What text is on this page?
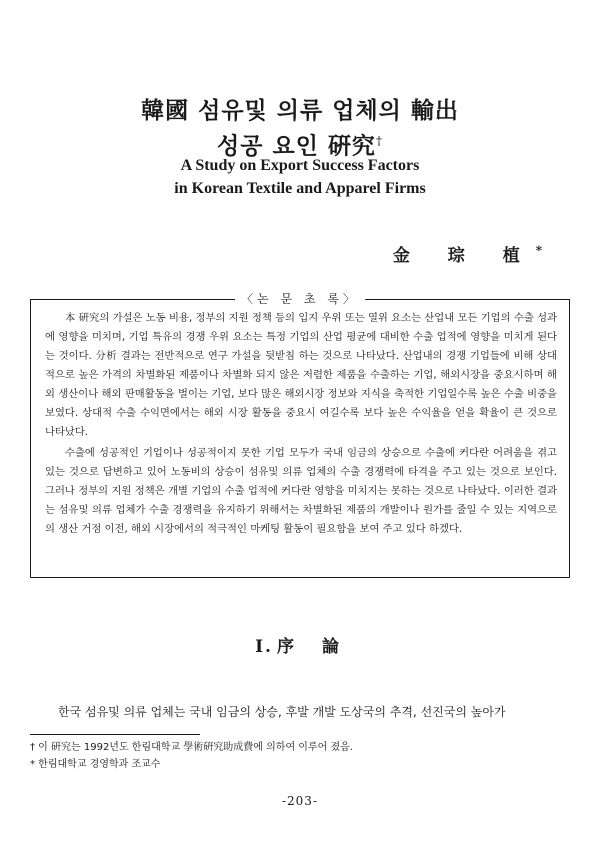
韓國 섬유및 의류 업체의 輸出
성공 요인 硏究†
A Study on Export Success Factors
in Korean Textile and Apparel Firms
金 琮 植*
〈논 문 초 록〉

本 硏究의 가설은 노동 비용, 정부의 지원 정책 등의 입지 우위 또는 열위 요소는 산업내 모든 기업의 수출 성과에 영향을 미치며, 기업 특유의 경쟁 우위 요소는 특정 기업의 산업 평균에 대비한 수출 업적에 영향을 미치게 된다는 것이다. 分析 결과는 전반적으로 연구 가설을 뒷받침 하는 것으로 나타났다. 산업내의 경쟁 기업들에 비해 상대적으로 높은 가격의 차별화된 제품이나 차별화 되지 않은 저렴한 제품을 수출하는 기업, 해외시장을 중요시하며 해외 생산이나 해외 판매활동을 벌이는 기업, 보다 많은 해외시장 정보와 지식을 축적한 기업일수록 높은 수출 비중을 보였다. 상대적 수출 수익면에서는 해외 시장 활동을 중요시 여길수록 보다 높은 수익율을 얻을 확율이 큰 것으로 나타났다.

수출에 성공적인 기업이나 성공적이지 못한 기업 모두가 국내 임금의 상승으로 수출에 커다란 어려움을 겪고 있는 것으로 답변하고 있어 노동비의 상승이 섬유및 의류 업체의 수출 경쟁력에 타격을 주고 있는 것으로 보인다. 그러나 정부의 지원 정책은 개별 기업의 수출 업적에 커다란 영향을 미치지는 못하는 것으로 나타났다. 이러한 결과는 섬유및 의류 업체가 수출 경쟁력을 유지하기 위해서는 차별화된 제품의 개발이나 원가를 줄일 수 있는 지역으로의 생산 거점 이전, 해외 시장에서의 적극적인 마케팅 활동이 필요함을 보여 주고 있다 하겠다.

I. 序 論
한국 섬유및 의류 업체는 국내 임금의 상승, 후발 개발 도상국의 추격, 선진국의 높아가
† 이 硏究는 1992년도 한림대학교 學術硏究助成費에 의하여 이루어 졌음.
* 한림대학교 경영학과 조교수
-203-
